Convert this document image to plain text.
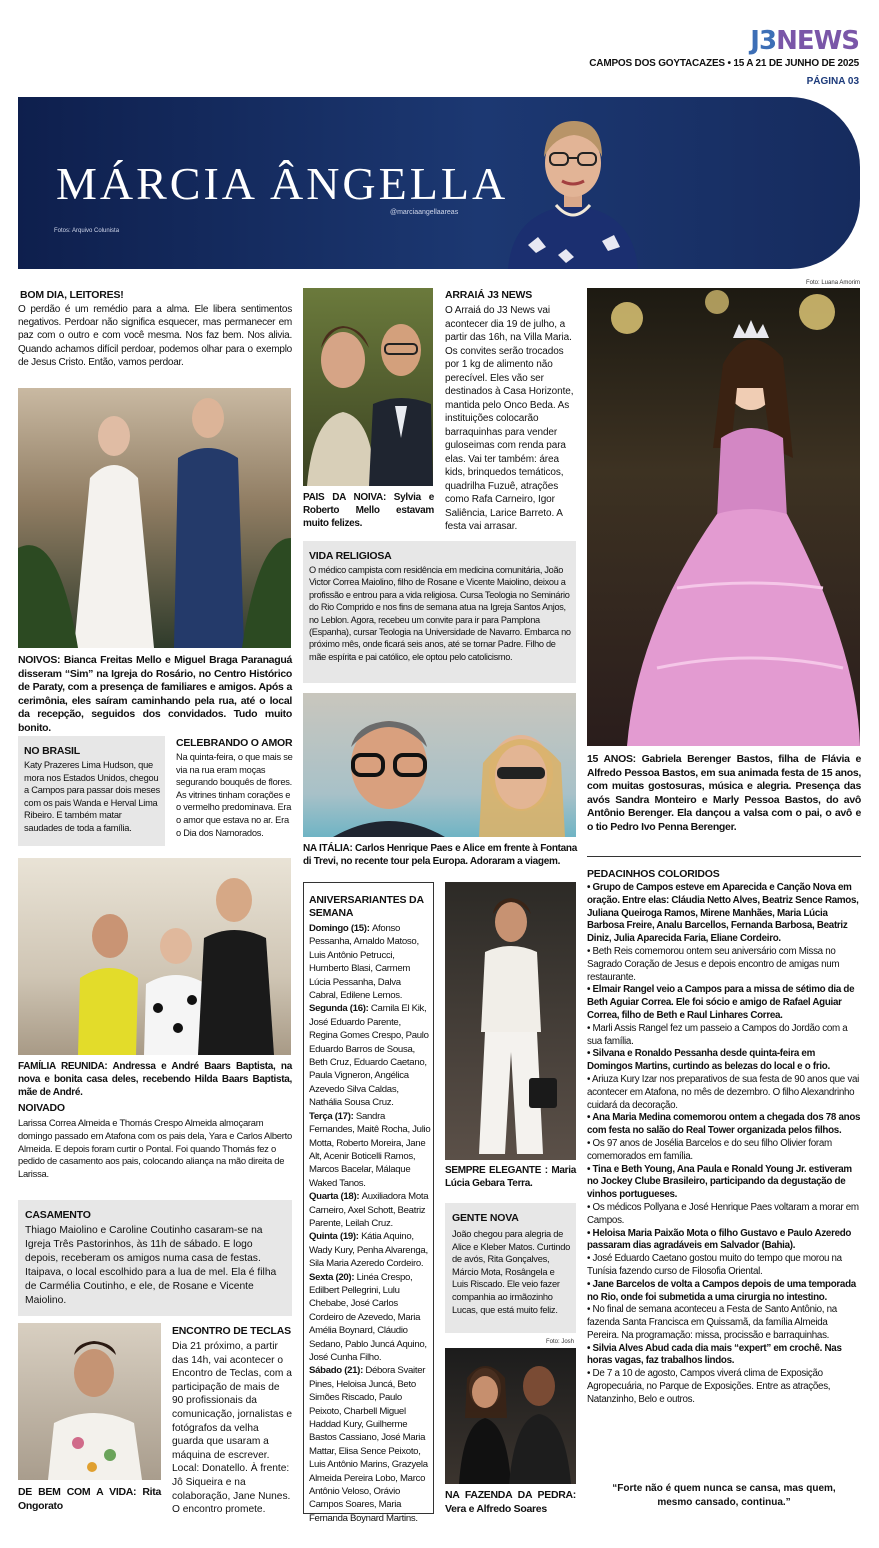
J3NEWS
CAMPOS DOS GOYTACAZES • 15 A 21 DE JUNHO DE 2025
PÁGINA 03
MÁRCIA ÂNGELLA
@marciaangellaareas
Fotos: Arquivo Colunista
BOM DIA, LEITORES!
O perdão é um remédio para a alma. Ele libera sentimentos negativos. Perdoar não significa esquecer, mas permanecer em paz com o outro e com você mesma. Nos faz bem. Nos alivia. Quando achamos difícil perdoar, podemos olhar para o exemplo de Jesus Cristo. Então, vamos perdoar.
NOIVOS: Bianca Freitas Mello e Miguel Braga Paranaguá disseram “Sim” na Igreja do Rosário, no Centro Histórico de Paraty, com a presença de familiares e amigos. Após a cerimônia, eles saíram caminhando pela rua, até o local da recepção, seguidos dos convidados. Tudo muito bonito.
NO BRASIL
Katy Prazeres Lima Hudson, que mora nos Estados Unidos, chegou a Campos para passar dois meses com os pais Wanda e Herval Lima Ribeiro. E também matar saudades de toda a família.
CELEBRANDO O AMOR
Na quinta-feira, o que mais se via na rua eram moças segurando bouquês de flores. As vitrines tinham corações e o vermelho predominava. Era o amor que estava no ar. Era o Dia dos Namorados.
FAMÍLIA REUNIDA: Andressa e André Baars Baptista, na nova e bonita casa deles, recebendo Hilda Baars Baptista, mãe de André.
NOIVADO
Larissa Correa Almeida e Thomás Crespo Almeida almoçaram domingo passado em Atafona com os pais dela, Yara e Carlos Alberto Almeida. E depois foram curtir o Pontal. Foi quando Thomás fez o pedido de casamento aos pais, colocando aliança na mão direita de Larissa.
CASAMENTO
Thiago Maiolino e Caroline Coutinho casaram-se na Igreja Três Pastorinhos, às 11h de sábado. E logo depois, receberam os amigos numa casa de festas. Itaipava, o local escolhido para a lua de mel. Ela é filha de Carmélia Coutinho, e ele, de Rosane e Vicente Maiolino.
DE BEM COM A VIDA: Rita Ongorato
ENCONTRO DE TECLAS
Dia 21 próximo, a partir das 14h, vai acontecer o Encontro de Teclas, com a participação de mais de 90 profissionais da comunicação, jornalistas e fotógrafos da velha guarda que usaram a máquina de escrever. Local: Donatello. À frente: Jô Siqueira e na colaboração, Jane Nunes. O encontro promete.
PAIS DA NOIVA: Sylvia e Roberto Mello estavam muito felizes.
ARRAIÁ J3 NEWS
O Arraiá do J3 News vai acontecer dia 19 de julho, a partir das 16h, na Villa Maria. Os convites serão trocados por 1 kg de alimento não perecível. Eles vão ser destinados à Casa Horizonte, mantida pelo Onco Beda. As instituições colocarão barraquinhas para vender guloseimas com renda para elas. Vai ter também: área kids, brinquedos temáticos, quadrilha Fuzuê, atrações como Rafa Carneiro, Igor Saliência, Larice Barreto. A festa vai arrasar.
VIDA RELIGIOSA
O médico campista com residência em medicina comunitária, João Victor Correa Maiolino, filho de Rosane e Vicente Maiolino, deixou a profissão e entrou para a vida religiosa. Cursa Teologia no Seminário do Rio Comprido e nos fins de semana atua na Igreja Santos Anjos, no Leblon. Agora, recebeu um convite para ir para Pamplona (Espanha), cursar Teologia na Universidade de Navarro. Embarca no próximo mês, onde ficará seis anos, até se tornar Padre. Filho de mãe espírita e pai católico, ele optou pelo catolicismo.
NA ITÁLIA: Carlos Henrique Paes e Alice em frente à Fontana di Trevi, no recente tour pela Europa. Adoraram a viagem.
ANIVERSARIANTES DA SEMANA
Domingo (15): Afonso Pessanha, Arnaldo Matoso, Luis Antônio Petrucci, Humberto Blasi, Carmem Lúcia Pessanha, Dalva Cabral, Edilene Lemos.
Segunda (16): Camila El Kik, José Eduardo Parente, Regina Gomes Crespo, Paulo Eduardo Barros de Sousa, Beth Cruz, Eduardo Caetano, Paula Vigneron, Angélica Azevedo Silva Caldas, Nathália Sousa Cruz.
Terça (17): Sandra Fernandes, Maitê Rocha, Julio Motta, Roberto Moreira, Jane Alt, Acenir Boticelli Ramos, Marcos Bacelar, Málaque Waked Tanos.
Quarta (18): Auxiliadora Mota Carneiro, Axel Schott, Beatriz Parente, Leilah Cruz.
Quinta (19): Kátia Aquino, Wady Kury, Penha Alvarenga, Sila Maria Azeredo Cordeiro.
Sexta (20): Linéa Crespo, Edilbert Pellegrini, Lulu Chebabe, José Carlos Cordeiro de Azevedo, Maria Amélia Boynard, Cláudio Sedano, Pablo Juncá Aquino, José Cunha Filho.
Sábado (21): Débora Svaiter Pines, Heloisa Juncá, Beto Simões Riscado, Paulo Peixoto, Charbell Miguel Haddad Kury, Guilherme Bastos Cassiano, José Maria Mattar, Elisa Sence Peixoto, Luis Antônio Marins, Grazyela Almeida Pereira Lobo, Marco Antônio Veloso, Orávio Campos Soares, Maria Fernanda Boynard Martins.
SEMPRE ELEGANTE : Maria Lúcia Gebara Terra.
GENTE NOVA
João chegou para alegria de Alice e Kleber Matos. Curtindo de avós, Rita Gonçalves, Márcio Mota, Rosângela e Luis Riscado. Ele veio fazer companhia ao irmãozinho Lucas, que está muito feliz.
Foto: Josh
NA FAZENDA DA PEDRA: Vera e Alfredo Soares
Foto: Luana Amorim
15 ANOS: Gabriela Berenger Bastos, filha de Flávia e Alfredo Pessoa Bastos, em sua animada festa de 15 anos, com muitas gostosuras, música e alegria. Presença das avós Sandra Monteiro e Marly Pessoa Bastos, do avô Antônio Berenger. Ela dançou a valsa com o pai, o avô e o tio Pedro Ivo Penna Berenger.
PEDACINHOS COLORIDOS

• Grupo de Campos esteve em Aparecida e Canção Nova em oração. Entre elas: Cláudia Netto Alves, Beatriz Sence Ramos, Juliana Queiroga Ramos, Mirene Manhães, Maria Lúcia Barbosa Freire, Analu Barcellos, Fernanda Barbosa, Beatriz Diniz, Julia Aparecida Faria, Eliane Cordeiro.

• Beth Reis comemorou ontem seu aniversário com Missa no Sagrado Coração de Jesus e depois encontro de amigas num restaurante.

• Elmair Rangel veio a Campos para a missa de sétimo dia de Beth Aguiar Correa. Ele foi sócio e amigo de Rafael Aguiar Correa, filho de Beth e Raul Linhares Correa.

• Marli Assis Rangel fez um passeio a Campos do Jordão com a sua família.

• Silvana e Ronaldo Pessanha desde quinta-feira em Domingos Martins, curtindo as belezas do local e o frio.

• Ariuza Kury Izar nos preparativos de sua festa de 90 anos que vai acontecer em Atafona, no mês de dezembro. O filho Alexandrinho cuidará da decoração.

• Ana Maria Medina comemorou ontem a chegada dos 78 anos com festa no salão do Real Tower organizada pelos filhos.

• Os 97 anos de Josélia Barcelos e do seu filho Olivier foram comemorados em família.

• Tina e Beth Young, Ana Paula e Ronald Young Jr. estiveram no Jockey Clube Brasileiro, participando da degustação de vinhos portugueses.

• Os médicos Pollyana e José Henrique Paes voltaram a morar em Campos.

• Heloisa Maria Paixão Mota o filho Gustavo e Paulo Azeredo passaram dias agradáveis em Salvador (Bahia).

• José Eduardo Caetano gostou muito do tempo que morou na Tunísia fazendo curso de Filosofia Oriental.

• Jane Barcelos de volta a Campos depois de uma temporada no Rio, onde foi submetida a uma cirurgia no intestino.

• No final de semana aconteceu a Festa de Santo Antônio, na fazenda Santa Francisca em Quissamã, da família Almeida Pereira. Na programação: missa, procissão e barraquinhas.

• Silvia Alves Abud cada dia mais “expert” em crochê. Nas horas vagas, faz trabalhos lindos.

• De 7 a 10 de agosto, Campos viverá clima de Exposição Agropecuária, no Parque de Exposições. Entre as atrações, Natanzinho, Belo e outros.

“Forte não é quem nunca se cansa, mas quem, mesmo cansado, continua.”
